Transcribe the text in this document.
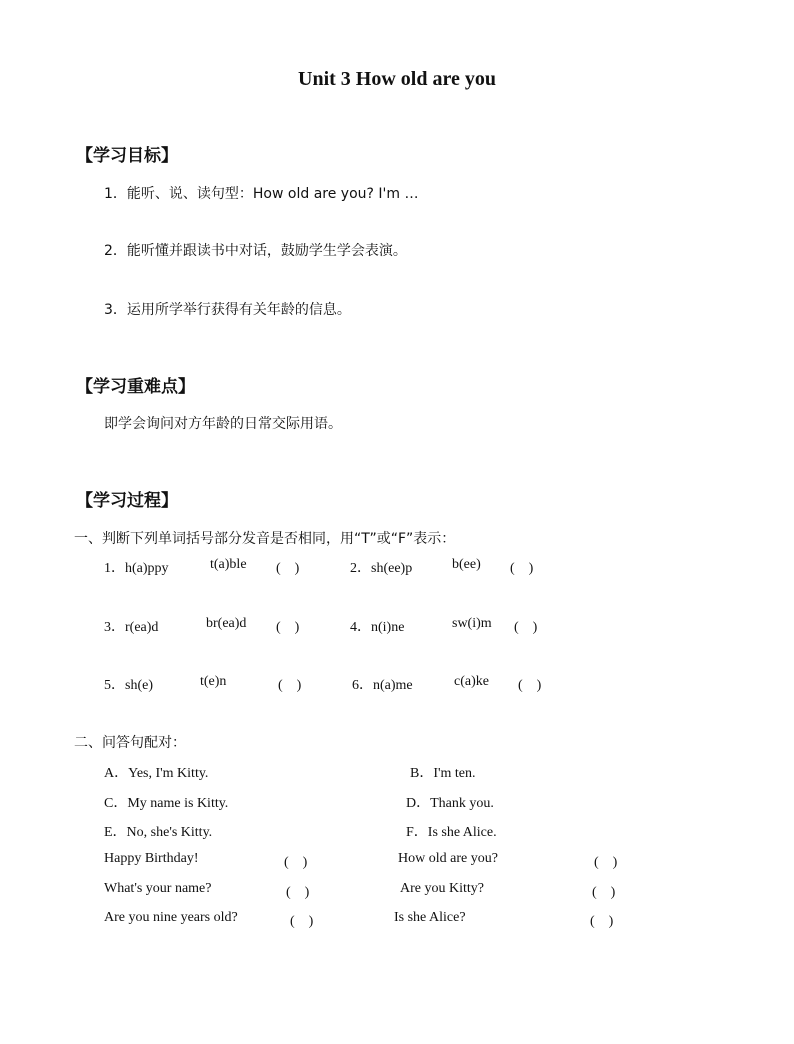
Unit 3 How old are you
【学习目标】
1．能听、说、读句型：How old are you? I'm …
2．能听懂并跟读书中对话，鼓励学生学会表演。
3．运用所学举行获得有关年龄的信息。
【学习重难点】
即学会询问对方年龄的日常交际用语。
【学习过程】
一、判断下列单词括号部分发音是否相同，用“T”或“F”表示：
1．h(a)ppy	t(a)ble (　)	2．sh(ee)p	b(ee) (　)
3．r(ea)d	br(ea)d (　)	4．n(i)ne	sw(i)m (　)
5．sh(e)	t(e)n	(　)	6．n(a)me	c(a)ke (　)
二、问答句配对：
A．Yes, I'm Kitty.	B．I'm ten.
C．My name is Kitty.	D．Thank you.
E．No, she's Kitty.	F．Is she Alice.
Happy Birthday!	(　)	How old are you?	(　)
What's your name?	(　)	Are you Kitty?	(　)
Are you nine years old?	(　)	Is she Alice?	(　)
